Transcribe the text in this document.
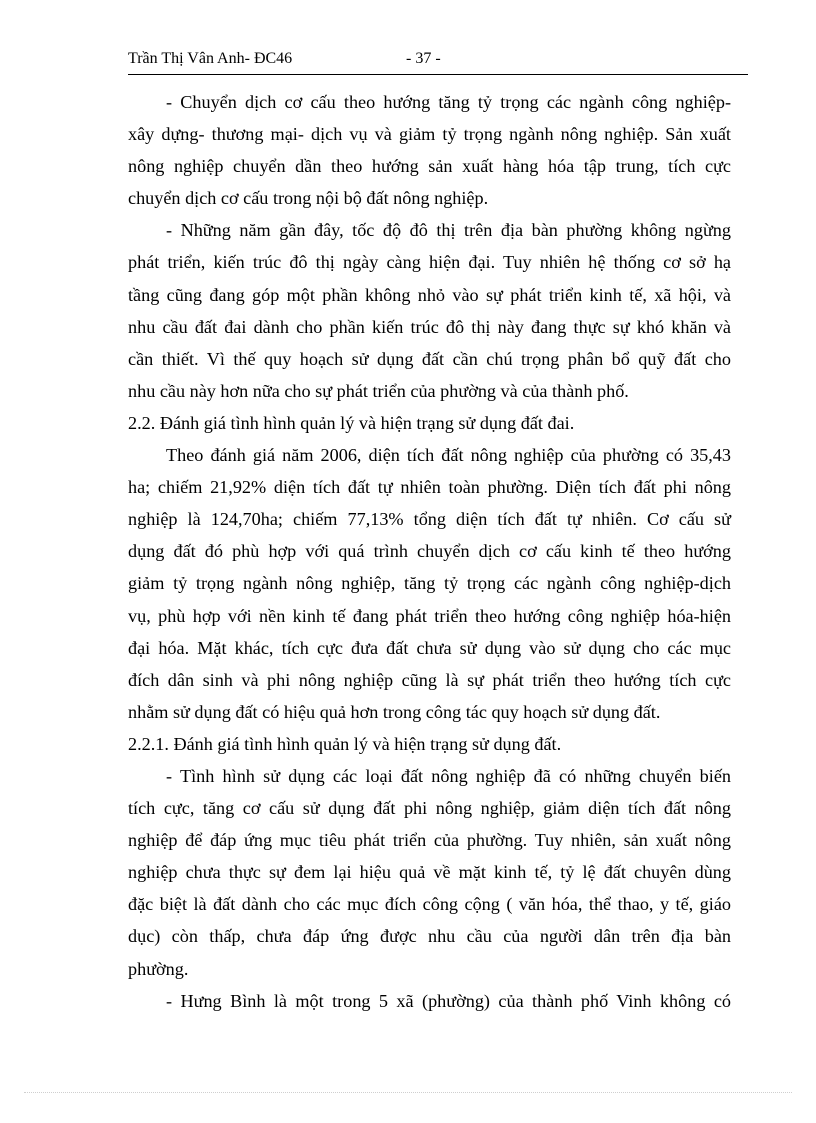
Trần Thị Vân Anh- ĐC46	- 37 -
- Chuyển dịch cơ cấu theo hướng tăng tỷ trọng các ngành công nghiệp-
xây dựng- thương mại- dịch vụ và giảm tỷ trọng ngành nông nghiệp. Sản xuất
nông nghiệp chuyển dần theo hướng sản xuất hàng hóa tập trung, tích cực
chuyển dịch cơ cấu trong nội bộ đất nông nghiệp.
- Những năm gần đây, tốc độ đô thị trên địa bàn phường không ngừng
phát triển, kiến trúc đô thị ngày càng hiện đại. Tuy nhiên hệ thống cơ sở hạ
tầng cũng đang góp một phần không nhỏ vào sự phát triển kinh tế, xã hội, và
nhu cầu đất đai dành cho phần kiến trúc đô thị này đang thực sự khó khăn và
cần thiết. Vì thế quy hoạch sử dụng đất cần chú trọng phân bổ quỹ đất cho
nhu cầu này hơn nữa cho sự phát triển của phường và của thành phố.
2.2. Đánh giá tình hình quản lý và hiện trạng sử dụng đất đai.
Theo đánh giá năm 2006, diện tích đất nông nghiệp của phường có 35,43
ha; chiếm 21,92% diện tích đất tự nhiên toàn phường. Diện tích đất phi nông
nghiệp là 124,70ha; chiếm 77,13% tổng diện tích đất tự nhiên. Cơ cấu sử
dụng đất đó phù hợp với quá trình chuyển dịch cơ cấu kinh tế theo hướng
giảm tỷ trọng ngành nông nghiệp, tăng tỷ trọng các ngành công nghiệp-dịch
vụ, phù hợp với nền kinh tế đang phát triển theo hướng công nghiệp hóa-hiện
đại hóa. Mặt khác, tích cực đưa đất chưa sử dụng vào sử dụng cho các mục
đích dân sinh và phi nông nghiệp cũng là sự phát triển theo hướng tích cực
nhằm sử dụng đất có hiệu quả hơn trong công tác quy hoạch sử dụng đất.
2.2.1. Đánh giá tình hình quản lý và hiện trạng sử dụng đất.
- Tình hình sử dụng các loại đất nông nghiệp đã có những chuyển biến
tích cực, tăng cơ cấu sử dụng đất phi nông nghiệp, giảm diện tích đất nông
nghiệp để đáp ứng mục tiêu phát triển của phường. Tuy nhiên, sản xuất nông
nghiệp chưa thực sự đem lại hiệu quả về mặt kinh tế, tỷ lệ đất chuyên dùng
đặc biệt là đất dành cho các mục đích công cộng ( văn hóa, thể thao, y tế, giáo
dục) còn thấp, chưa đáp ứng được nhu cầu của người dân trên địa bàn
phường.
- Hưng Bình là một trong 5 xã (phường) của thành phố Vinh không có
